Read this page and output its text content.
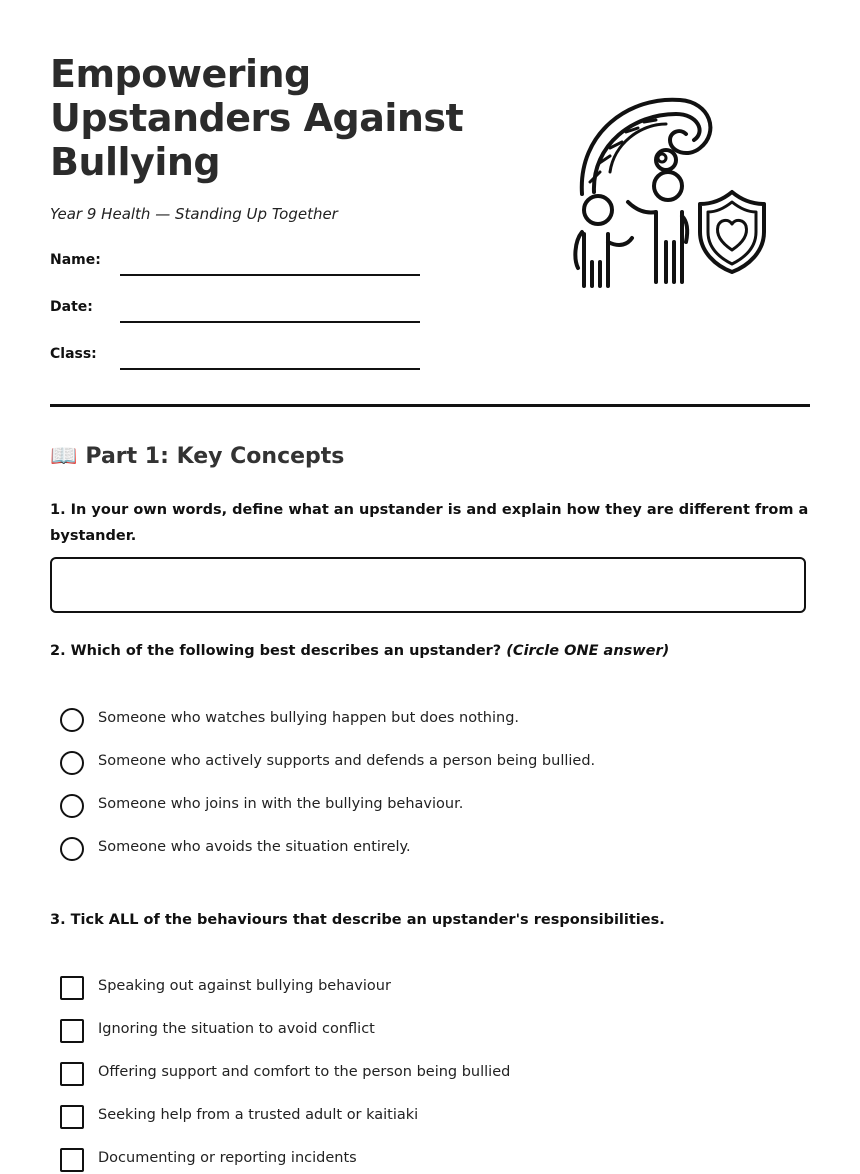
Empowering Upstanders Against Bullying
Year 9 Health — Standing Up Together
Name:
Date:
Class:
📖 Part 1: Key Concepts
1. In your own words, define what an upstander is and explain how they are different from a bystander.
2. Which of the following best describes an upstander? (Circle ONE answer)
Someone who watches bullying happen but does nothing.
Someone who actively supports and defends a person being bullied.
Someone who joins in with the bullying behaviour.
Someone who avoids the situation entirely.
3. Tick ALL of the behaviours that describe an upstander's responsibilities.
Speaking out against bullying behaviour
Ignoring the situation to avoid conflict
Offering support and comfort to the person being bullied
Seeking help from a trusted adult or kaitiaki
Documenting or reporting incidents
